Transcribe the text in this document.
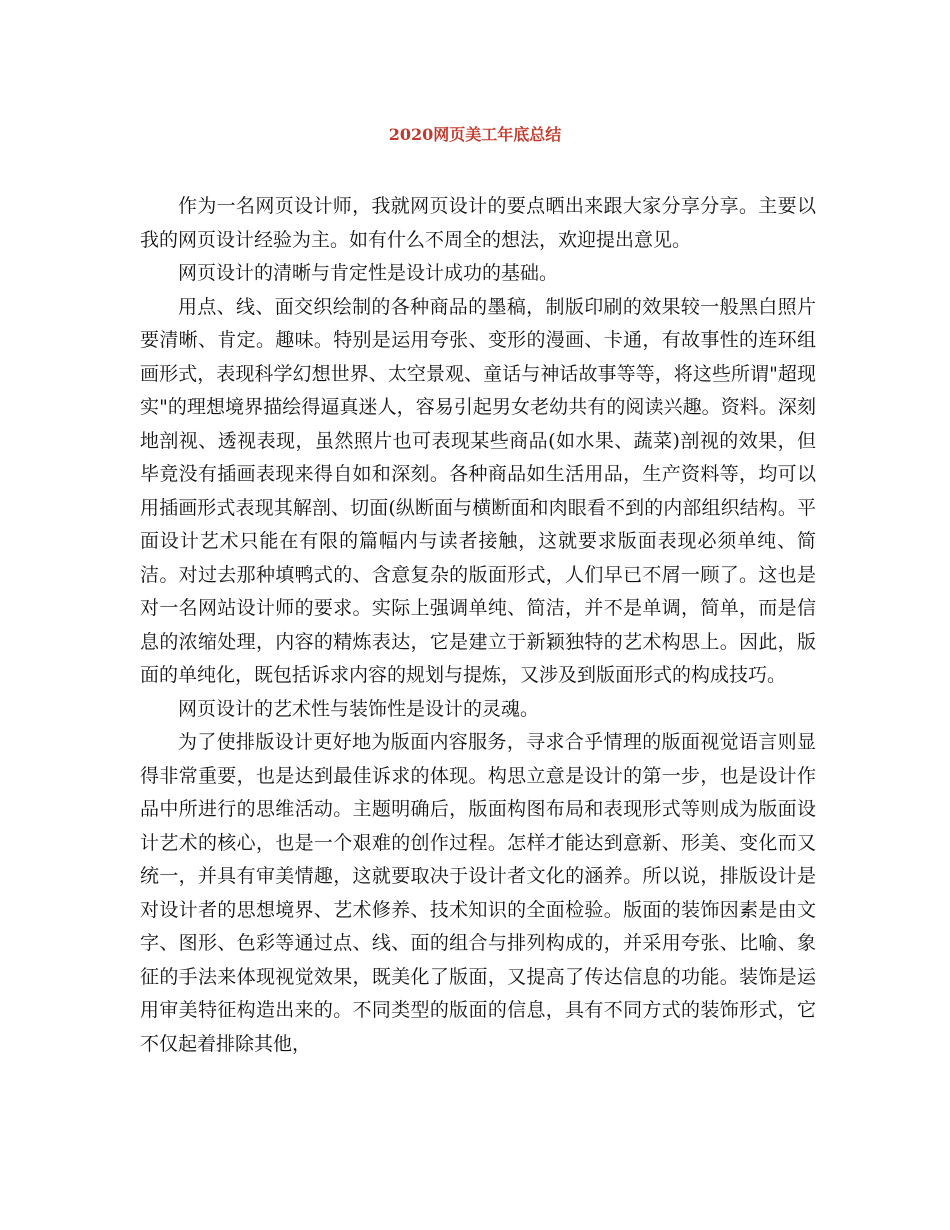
2020网页美工年底总结

作为一名网页设计师，我就网页设计的要点晒出来跟大家分享分享。主要以我的网页设计经验为主。如有什么不周全的想法，欢迎提出意见。

网页设计的清晰与肯定性是设计成功的基础。

用点、线、面交织绘制的各种商品的墨稿，制版印刷的效果较一般黑白照片要清晰、肯定。趣味。特别是运用夸张、变形的漫画、卡通，有故事性的连环组画形式，表现科学幻想世界、太空景观、童话与神话故事等等，将这些所谓"超现实"的理想境界描绘得逼真迷人，容易引起男女老幼共有的阅读兴趣。资料。深刻地剖视、透视表现，虽然照片也可表现某些商品(如水果、蔬菜)剖视的效果，但毕竟没有插画表现来得自如和深刻。各种商品如生活用品，生产资料等，均可以用插画形式表现其解剖、切面(纵断面与横断面和肉眼看不到的内部组织结构。平面设计艺术只能在有限的篇幅内与读者接触，这就要求版面表现必须单纯、简洁。对过去那种填鸭式的、含意复杂的版面形式，人们早已不屑一顾了。这也是对一名网站设计师的要求。实际上强调单纯、简洁，并不是单调，简单，而是信息的浓缩处理，内容的精炼表达，它是建立于新颖独特的艺术构思上。因此，版面的单纯化，既包括诉求内容的规划与提炼，又涉及到版面形式的构成技巧。

网页设计的艺术性与装饰性是设计的灵魂。

为了使排版设计更好地为版面内容服务，寻求合乎情理的版面视觉语言则显得非常重要，也是达到最佳诉求的体现。构思立意是设计的第一步，也是设计作品中所进行的思维活动。主题明确后，版面构图布局和表现形式等则成为版面设计艺术的核心，也是一个艰难的创作过程。怎样才能达到意新、形美、变化而又统一，并具有审美情趣，这就要取决于设计者文化的涵养。所以说，排版设计是对设计者的思想境界、艺术修养、技术知识的全面检验。版面的装饰因素是由文字、图形、色彩等通过点、线、面的组合与排列构成的，并采用夸张、比喻、象征的手法来体现视觉效果，既美化了版面，又提高了传达信息的功能。装饰是运用审美特征构造出来的。不同类型的版面的信息，具有不同方式的装饰形式，它不仅起着排除其他，
